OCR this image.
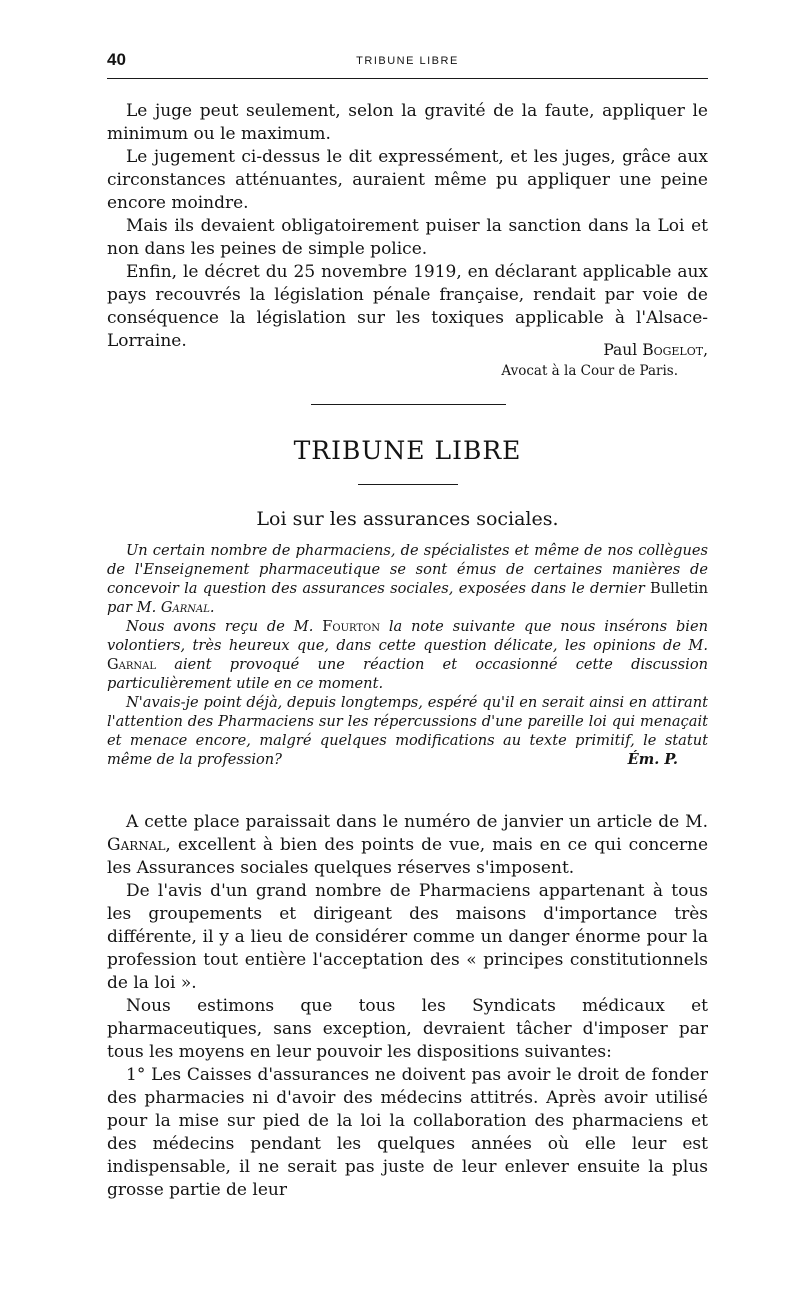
40	TRIBUNE LIBRE

Le juge peut seulement, selon la gravité de la faute, appliquer le minimum ou le maximum.

Le jugement ci-dessus le dit expressément, et les juges, grâce aux circonstances atténuantes, auraient même pu appliquer une peine encore moindre.

Mais ils devaient obligatoirement puiser la sanction dans la Loi et non dans les peines de simple police.

Enfin, le décret du 25 novembre 1919, en déclarant applicable aux pays recouvrés la législation pénale française, rendait par voie de conséquence la législation sur les toxiques applicable à l'Alsace-Lorraine.	Paul Bogelot,
Avocat à la Cour de Paris.
TRIBUNE LIBRE
Loi sur les assurances sociales.

Un certain nombre de pharmaciens, de spécialistes et même de nos collègues de l'Enseignement pharmaceutique se sont émus de certaines manières de concevoir la question des assurances sociales, exposées dans le dernier Bulletin par M. Garnal.

Nous avons reçu de M. Fourton la note suivante que nous insérons bien volontiers, très heureux que, dans cette question délicate, les opinions de M. Garnal aient provoqué une réaction et occasionné cette discussion particulièrement utile en ce moment.

N'avais-je point déjà, depuis longtemps, espéré qu'il en serait ainsi en attirant l'attention des Pharmaciens sur les répercussions d'une pareille loi qui menaçait et menace encore, malgré quelques modifications au texte primitif, le statut même de la profession?	Ém. P.

A cette place paraissait dans le numéro de janvier un article de M. Garnal, excellent à bien des points de vue, mais en ce qui concerne les Assurances sociales quelques réserves s'imposent.

De l'avis d'un grand nombre de Pharmaciens appartenant à tous les groupements et dirigeant des maisons d'importance très différente, il y a lieu de considérer comme un danger énorme pour la profession tout entière l'acceptation des « principes constitutionnels de la loi ».

Nous estimons que tous les Syndicats médicaux et pharmaceutiques, sans exception, devraient tâcher d'imposer par tous les moyens en leur pouvoir les dispositions suivantes:

1° Les Caisses d'assurances ne doivent pas avoir le droit de fonder des pharmacies ni d'avoir des médecins attitrés. Après avoir utilisé pour la mise sur pied de la loi la collaboration des pharmaciens et des médecins pendant les quelques années où elle leur est indispensable, il ne serait pas juste de leur enlever ensuite la plus grosse partie de leur
